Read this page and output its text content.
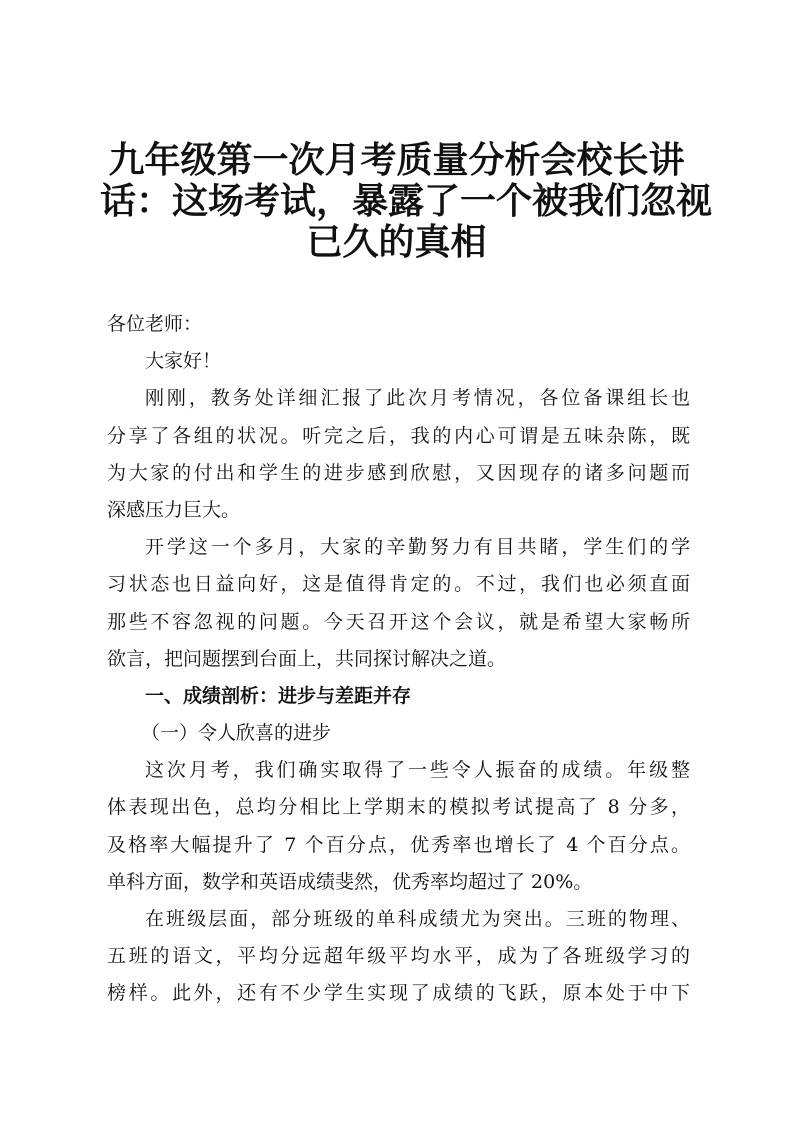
九年级第一次月考质量分析会校长讲
话：这场考试，暴露了一个被我们忽视
已久的真相
各位老师：
大家好！
刚刚，教务处详细汇报了此次月考情况，各位备课组长也
分享了各组的状况。听完之后，我的内心可谓是五味杂陈，既
为大家的付出和学生的进步感到欣慰，又因现存的诸多问题而
深感压力巨大。
开学这一个多月，大家的辛勤努力有目共睹，学生们的学
习状态也日益向好，这是值得肯定的。不过，我们也必须直面
那些不容忽视的问题。今天召开这个会议，就是希望大家畅所
欲言，把问题摆到台面上，共同探讨解决之道。
一、成绩剖析：进步与差距并存
（一）令人欣喜的进步
这次月考，我们确实取得了一些令人振奋的成绩。年级整
体表现出色，总均分相比上学期末的模拟考试提高了 8 分多，
及格率大幅提升了 7 个百分点，优秀率也增长了 4 个百分点。
单科方面，数学和英语成绩斐然，优秀率均超过了 20%。
在班级层面，部分班级的单科成绩尤为突出。三班的物理、
五班的语文，平均分远超年级平均水平，成为了各班级学习的
榜样。此外，还有不少学生实现了成绩的飞跃，原本处于中下
